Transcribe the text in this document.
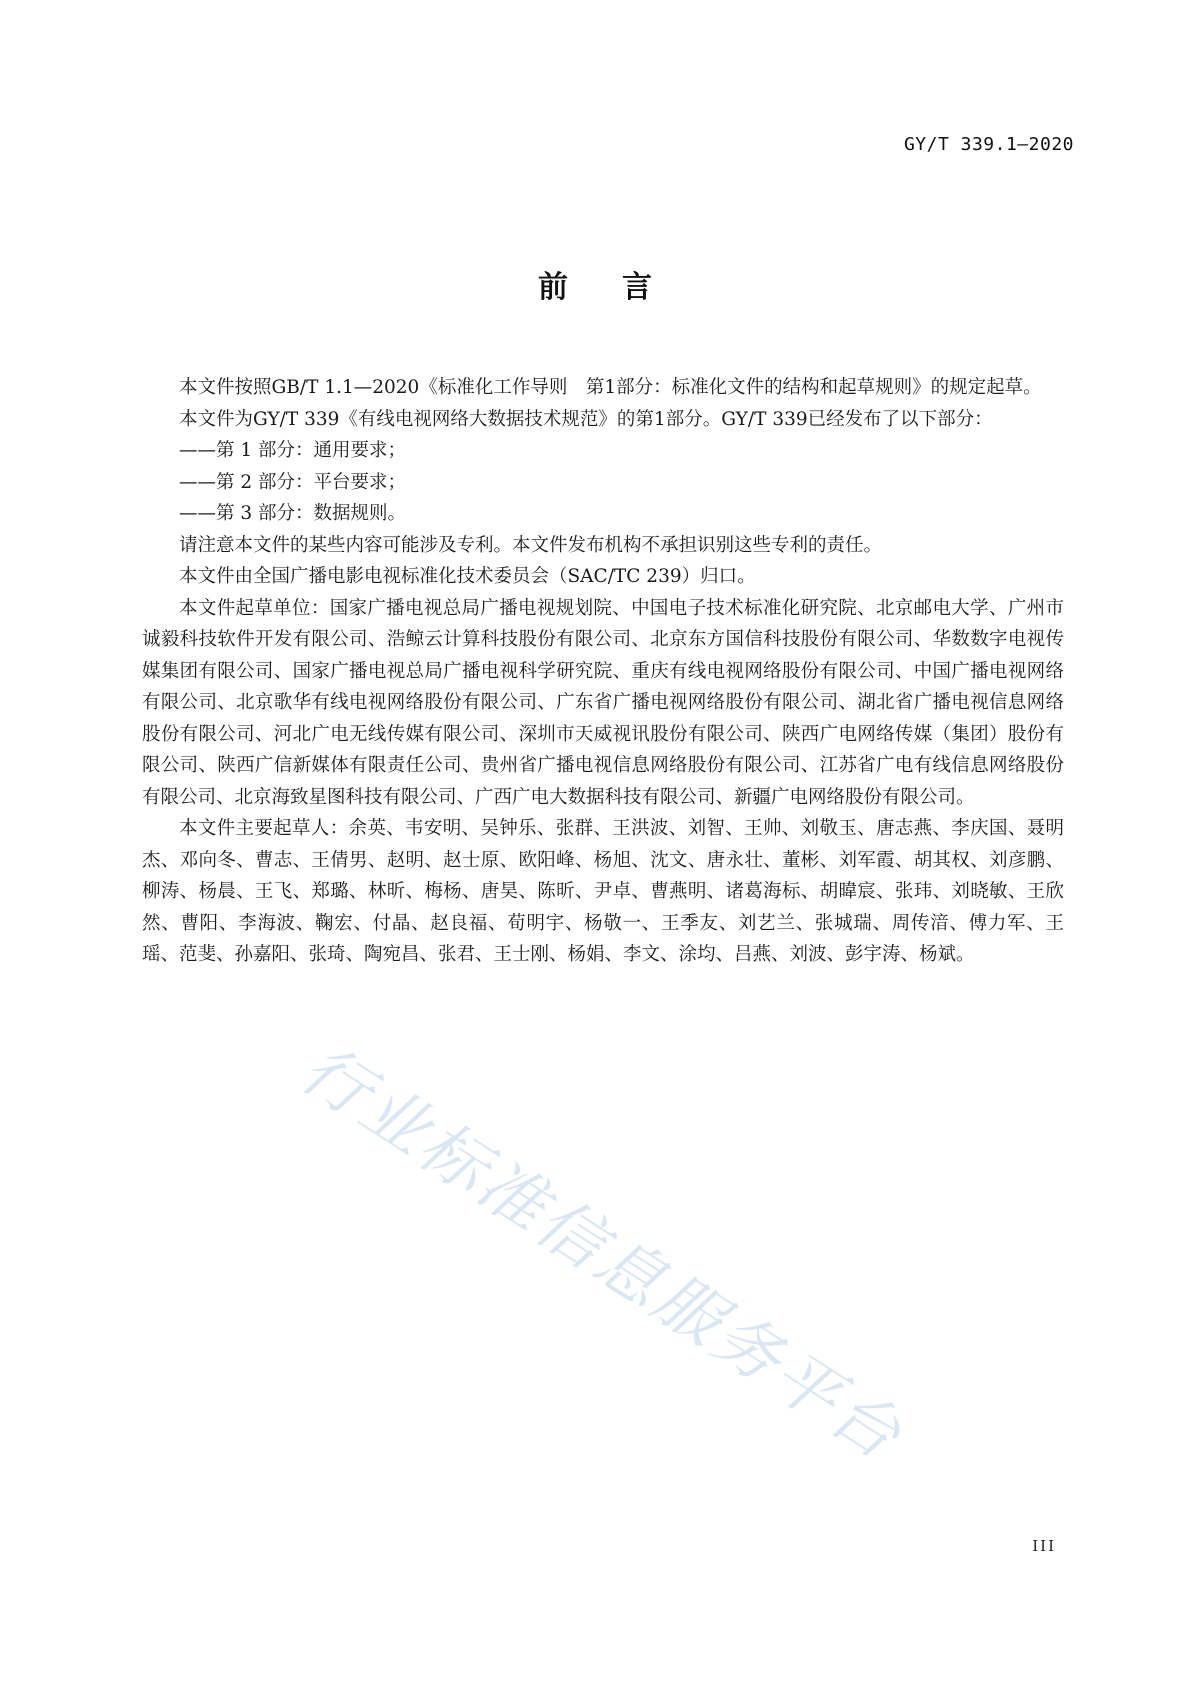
GY/T 339.1—2020
前言

本文件按照GB/T 1.1—2020《标准化工作导则　第1部分：标准化文件的结构和起草规则》的规定起草。

本文件为GY/T 339《有线电视网络大数据技术规范》的第1部分。GY/T 339已经发布了以下部分：

——第 1 部分：通用要求；

——第 2 部分：平台要求；

——第 3 部分：数据规则。

请注意本文件的某些内容可能涉及专利。本文件发布机构不承担识别这些专利的责任。

本文件由全国广播电影电视标准化技术委员会（SAC/TC 239）归口。

本文件起草单位：国家广播电视总局广播电视规划院、中国电子技术标准化研究院、北京邮电大学、广州市诚毅科技软件开发有限公司、浩鲸云计算科技股份有限公司、北京东方国信科技股份有限公司、华数数字电视传媒集团有限公司、国家广播电视总局广播电视科学研究院、重庆有线电视网络股份有限公司、中国广播电视网络有限公司、北京歌华有线电视网络股份有限公司、广东省广播电视网络股份有限公司、湖北省广播电视信息网络股份有限公司、河北广电无线传媒有限公司、深圳市天威视讯股份有限公司、陕西广电网络传媒（集团）股份有限公司、陕西广信新媒体有限责任公司、贵州省广播电视信息网络股份有限公司、江苏省广电有线信息网络股份有限公司、北京海致星图科技有限公司、广西广电大数据科技有限公司、新疆广电网络股份有限公司。

本文件主要起草人：余英、韦安明、吴钟乐、张群、王洪波、刘智、王帅、刘敬玉、唐志燕、李庆国、聂明杰、邓向冬、曹志、王倩男、赵明、赵士原、欧阳峰、杨旭、沈文、唐永壮、董彬、刘军霞、胡其权、刘彦鹏、柳涛、杨晨、王飞、郑璐、林昕、梅杨、唐昊、陈昕、尹卓、曹燕明、诸葛海标、胡暐宸、张玮、刘晓敏、王欣然、曹阳、李海波、鞠宏、付晶、赵良福、荀明宇、杨敬一、王季友、刘艺兰、张城瑞、周传湆、傅力军、王瑶、范斐、孙嘉阳、张琦、陶宛昌、张君、王士刚、杨娟、李文、涂均、吕燕、刘波、彭宇涛、杨斌。

行业标准信息服务平台
III
